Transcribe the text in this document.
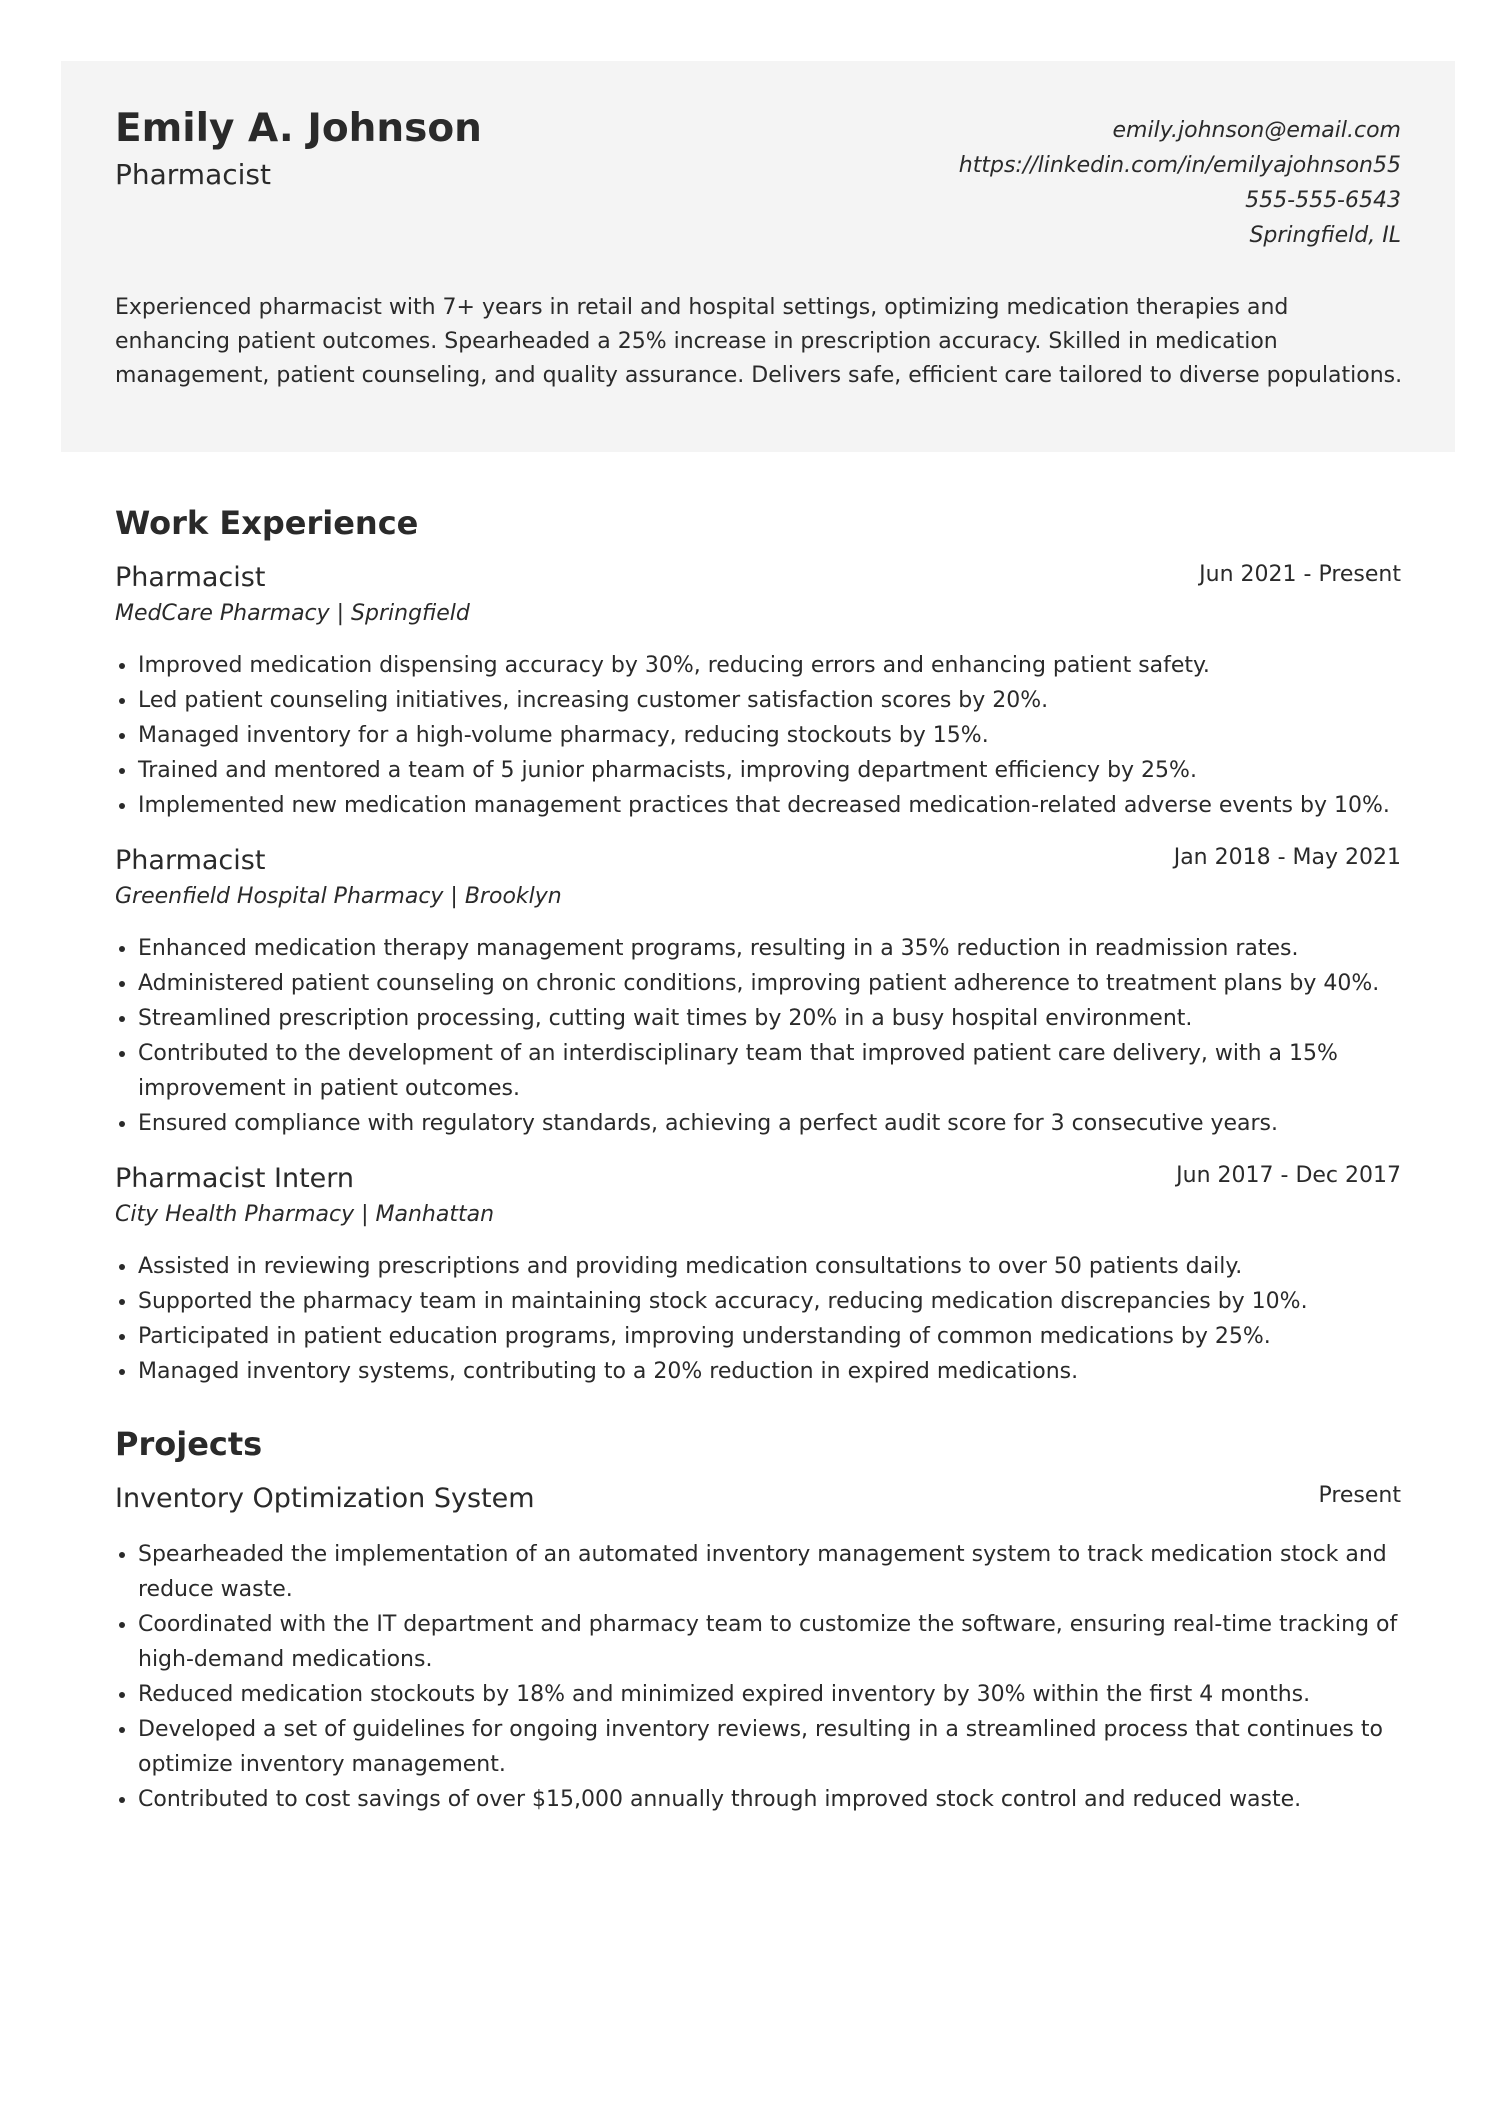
Emily A. Johnson
Pharmacist
emily.johnson@email.com
https://linkedin.com/in/emilyajohnson55
555-555-6543
Springfield, IL

Experienced pharmacist with 7+ years in retail and hospital settings, optimizing medication therapies and enhancing patient outcomes. Spearheaded a 25% increase in prescription accuracy. Skilled in medication management, patient counseling, and quality assurance. Delivers safe, efficient care tailored to diverse populations.

Work Experience
Pharmacist	Jun 2021 - Present
MedCare Pharmacy | Springfield
• Improved medication dispensing accuracy by 30%, reducing errors and enhancing patient safety.
• Led patient counseling initiatives, increasing customer satisfaction scores by 20%.
• Managed inventory for a high-volume pharmacy, reducing stockouts by 15%.
• Trained and mentored a team of 5 junior pharmacists, improving department efficiency by 25%.
• Implemented new medication management practices that decreased medication-related adverse events by 10%.
Pharmacist	Jan 2018 - May 2021
Greenfield Hospital Pharmacy | Brooklyn
• Enhanced medication therapy management programs, resulting in a 35% reduction in readmission rates.
• Administered patient counseling on chronic conditions, improving patient adherence to treatment plans by 40%.
• Streamlined prescription processing, cutting wait times by 20% in a busy hospital environment.
• Contributed to the development of an interdisciplinary team that improved patient care delivery, with a 15% improvement in patient outcomes.
• Ensured compliance with regulatory standards, achieving a perfect audit score for 3 consecutive years.
Pharmacist Intern	Jun 2017 - Dec 2017
City Health Pharmacy | Manhattan
• Assisted in reviewing prescriptions and providing medication consultations to over 50 patients daily.
• Supported the pharmacy team in maintaining stock accuracy, reducing medication discrepancies by 10%.
• Participated in patient education programs, improving understanding of common medications by 25%.
• Managed inventory systems, contributing to a 20% reduction in expired medications.
Projects
Inventory Optimization System	Present
• Spearheaded the implementation of an automated inventory management system to track medication stock and reduce waste.
• Coordinated with the IT department and pharmacy team to customize the software, ensuring real-time tracking of high-demand medications.
• Reduced medication stockouts by 18% and minimized expired inventory by 30% within the first 4 months.
• Developed a set of guidelines for ongoing inventory reviews, resulting in a streamlined process that continues to optimize inventory management.
• Contributed to cost savings of over $15,000 annually through improved stock control and reduced waste.
